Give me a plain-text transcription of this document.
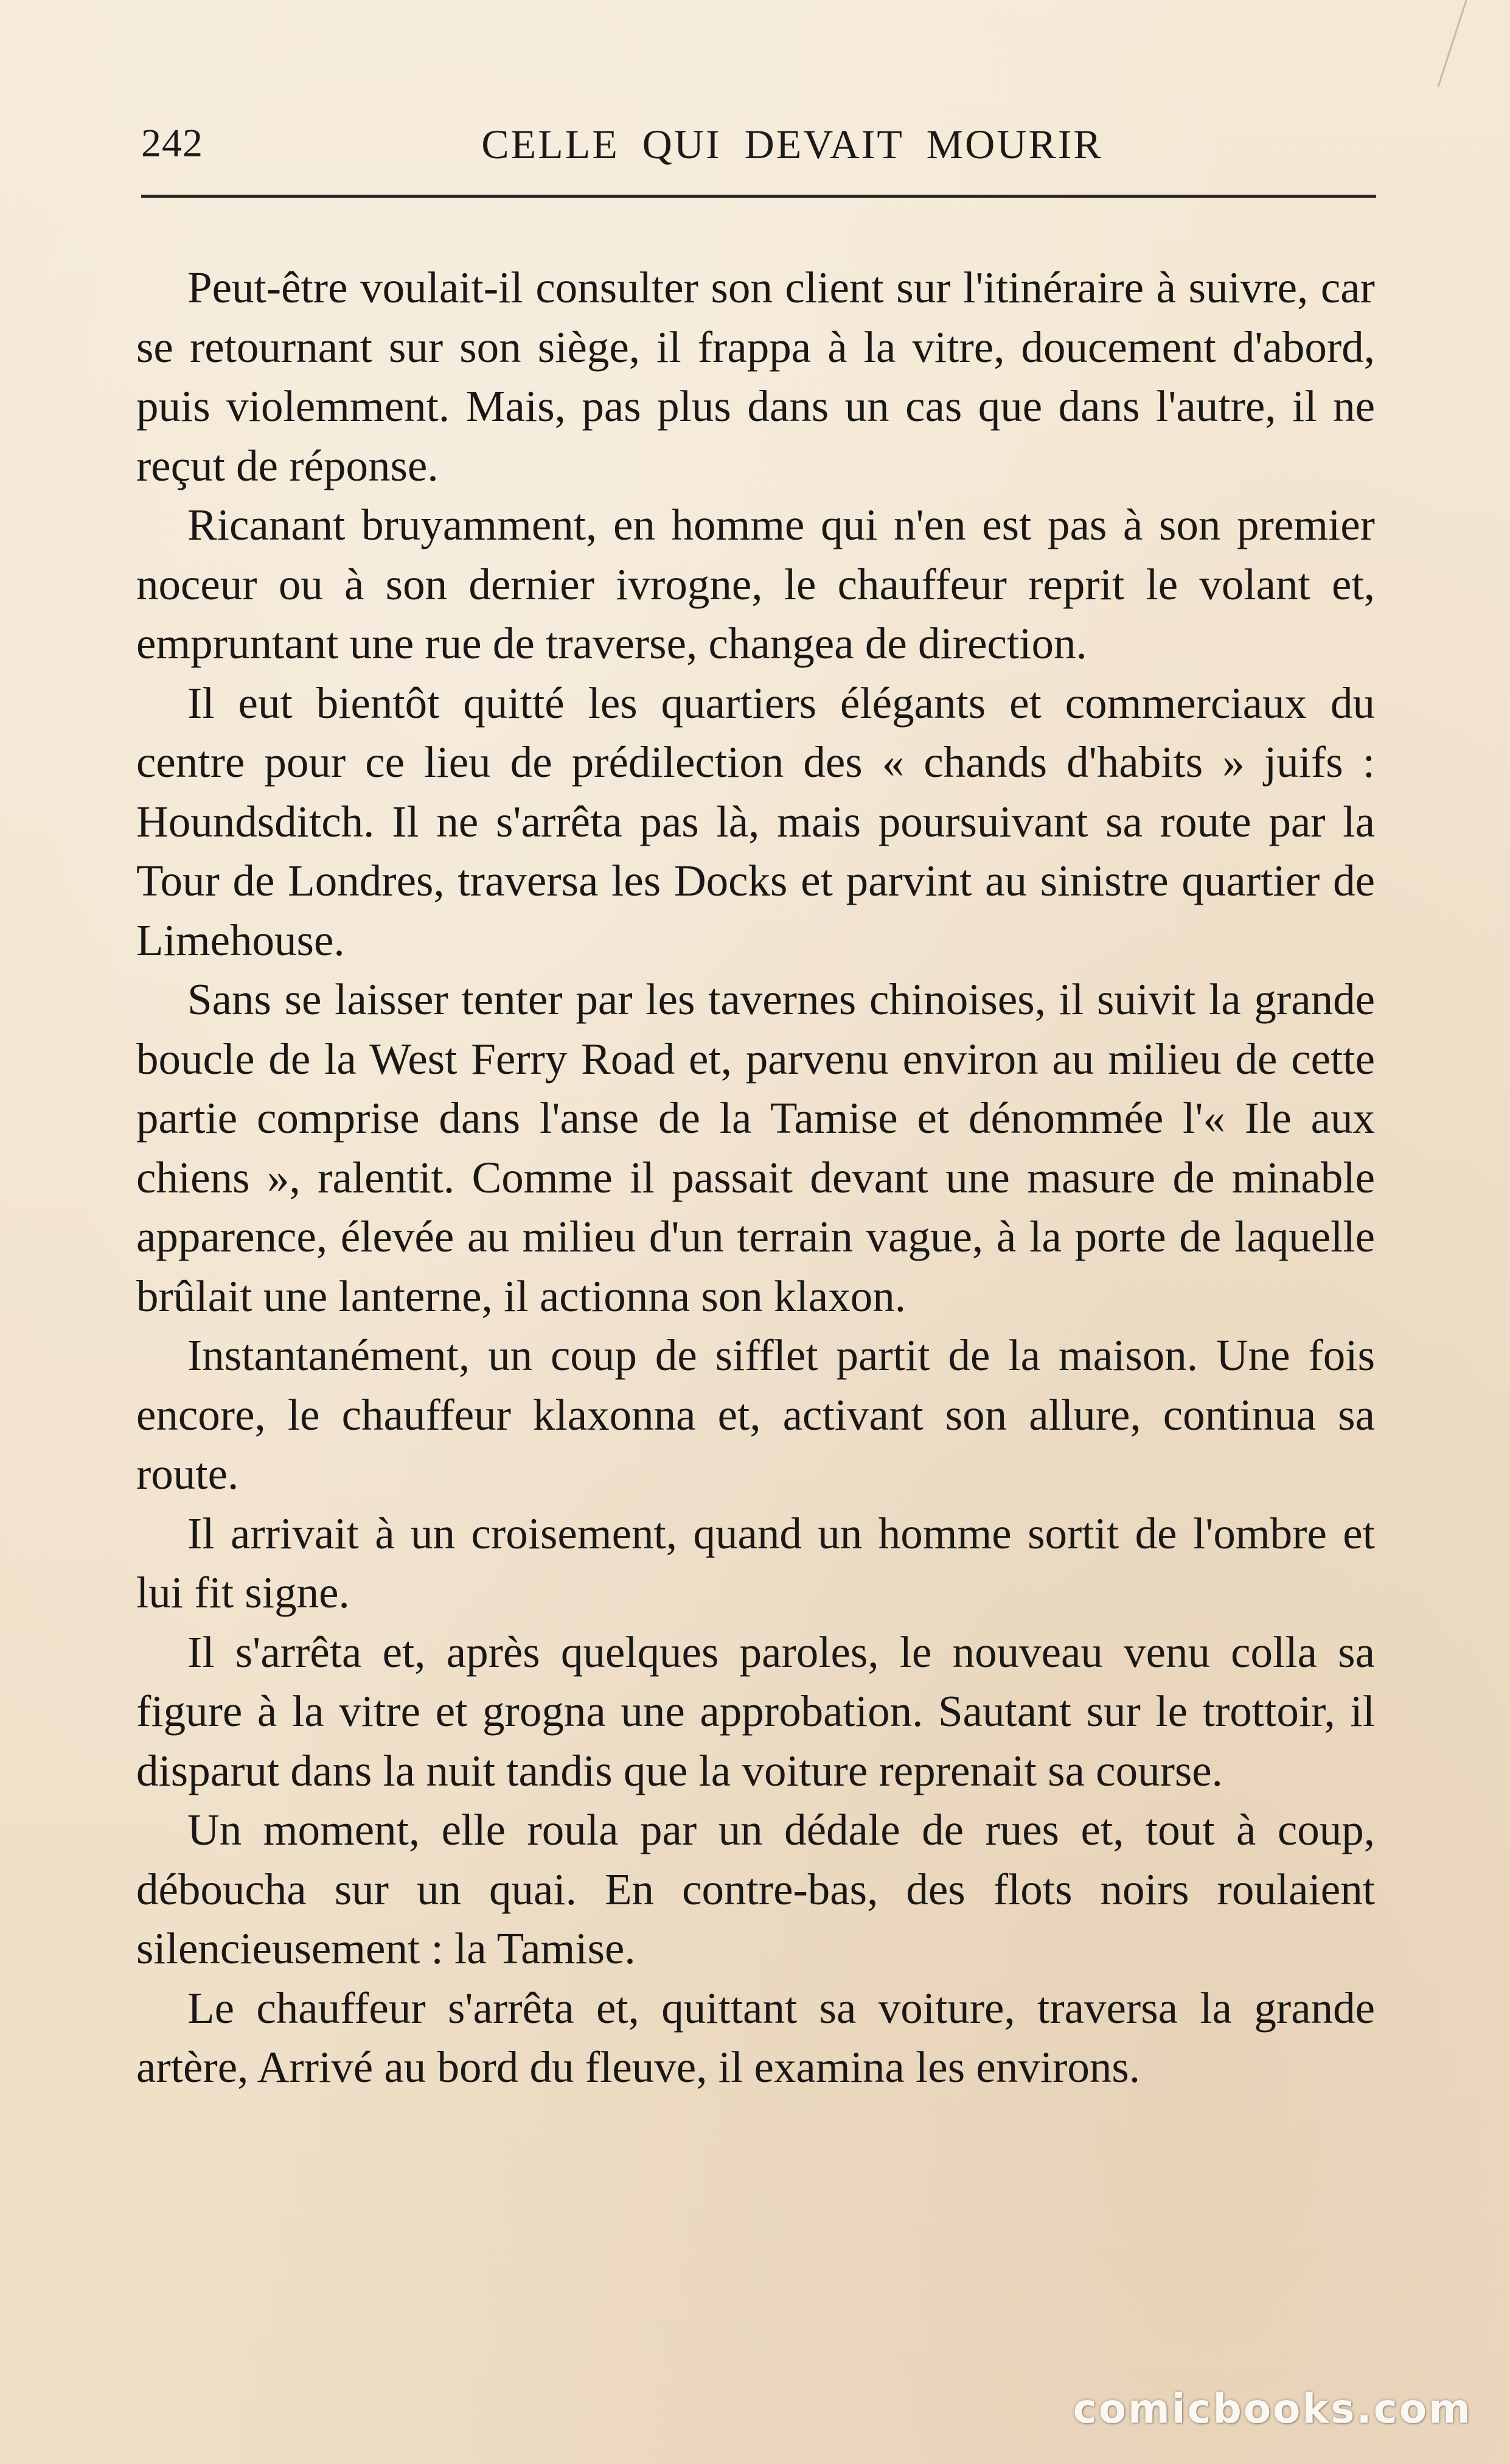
242	CELLE QUI DEVAIT MOURIR

Peut-être voulait-il consulter son client sur l'itinéraire à suivre, car se retournant sur son siège, il frappa à la vitre, doucement d'abord, puis violemment. Mais, pas plus dans un cas que dans l'autre, il ne reçut de réponse.

Ricanant bruyamment, en homme qui n'en est pas à son premier noceur ou à son dernier ivrogne, le chauffeur reprit le volant et, empruntant une rue de traverse, changea de direction.

Il eut bientôt quitté les quartiers élégants et commerciaux du centre pour ce lieu de prédilection des « chands d'habits » juifs : Houndsditch. Il ne s'arrêta pas là, mais poursuivant sa route par la Tour de Londres, traversa les Docks et parvint au sinistre quartier de Limehouse.

Sans se laisser tenter par les tavernes chinoises, il suivit la grande boucle de la West Ferry Road et, parvenu environ au milieu de cette partie comprise dans l'anse de la Tamise et dénommée l'« Ile aux chiens », ralentit. Comme il passait devant une masure de minable apparence, élevée au milieu d'un terrain vague, à la porte de laquelle brûlait une lanterne, il actionna son klaxon.

Instantanément, un coup de sifflet partit de la maison. Une fois encore, le chauffeur klaxonna et, activant son allure, continua sa route.

Il arrivait à un croisement, quand un homme sortit de l'ombre et lui fit signe.

Il s'arrêta et, après quelques paroles, le nouveau venu colla sa figure à la vitre et grogna une approbation. Sautant sur le trottoir, il disparut dans la nuit tandis que la voiture reprenait sa course.

Un moment, elle roula par un dédale de rues et, tout à coup, déboucha sur un quai. En contre-bas, des flots noirs roulaient silencieusement : la Tamise.

Le chauffeur s'arrêta et, quittant sa voiture, traversa la grande artère, Arrivé au bord du fleuve, il examina les environs.

comicbooks.com
